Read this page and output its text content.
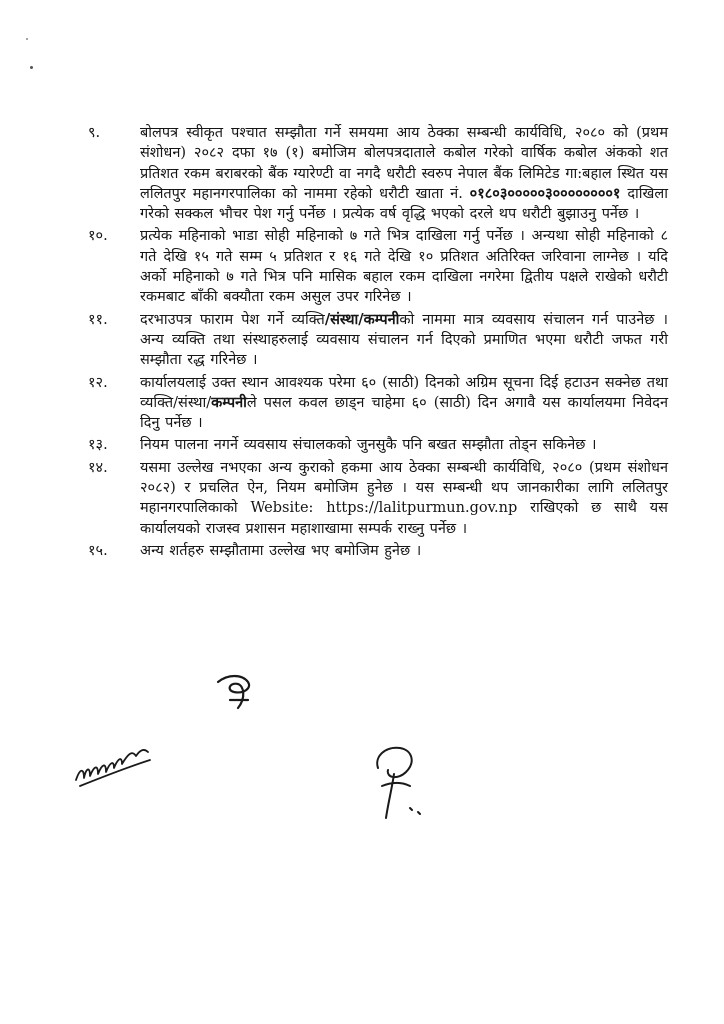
९.	बोलपत्र स्वीकृत पश्चात सम्झौता गर्ने समयमा आय ठेक्का सम्बन्धी कार्यविधि, २०८० को (प्रथम संशोधन) २०८२ दफा १७ (१) बमोजिम बोलपत्रदाताले कबोल गरेको वार्षिक कबोल अंकको शत प्रतिशत रकम बराबरको बैंक ग्यारेण्टी वा नगदै धरौटी स्वरुप नेपाल बैंक लिमिटेड गा:बहाल स्थित यस ललितपुर महानगरपालिका को नाममा रहेको धरौटी खाता नं. ०१८०३०००००३००००००००१ दाखिला गरेको सक्कल भौचर पेश गर्नु पर्नेछ । प्रत्येक वर्ष वृद्धि भएको दरले थप धरौटी बुझाउनु पर्नेछ ।
१०.	प्रत्येक महिनाको भाडा सोही महिनाको ७ गते भित्र दाखिला गर्नु पर्नेछ । अन्यथा सोही महिनाको ८ गते देखि १५ गते सम्म ५ प्रतिशत र १६ गते देखि १० प्रतिशत अतिरिक्त जरिवाना लाग्नेछ । यदि अर्को महिनाको ७ गते भित्र पनि मासिक बहाल रकम दाखिला नगरेमा द्वितीय पक्षले राखेको धरौटी रकमबाट बाँकी बक्यौता रकम असुल उपर गरिनेछ ।
११.	दरभाउपत्र फाराम पेश गर्ने व्यक्ति/संस्था/कम्पनीको नाममा मात्र व्यवसाय संचालन गर्न पाउनेछ । अन्य व्यक्ति तथा संस्थाहरुलाई व्यवसाय संचालन गर्न दिएको प्रमाणित भएमा धरौटी जफत गरी सम्झौता रद्ध गरिनेछ ।
१२.	कार्यालयलाई उक्त स्थान आवश्यक परेमा ६० (साठी) दिनको अग्रिम सूचना दिई हटाउन सक्नेछ तथा व्यक्ति/संस्था/कम्पनीले पसल कवल छाड्न चाहेमा ६० (साठी) दिन अगावै यस कार्यालयमा निवेदन दिनु पर्नेछ ।
१३.	नियम पालना नगर्ने व्यवसाय संचालकको जुनसुकै पनि बखत सम्झौता तोड्न सकिनेछ ।
१४.	यसमा उल्लेख नभएका अन्य कुराको हकमा आय ठेक्का सम्बन्धी कार्यविधि, २०८० (प्रथम संशोधन २०८२) र प्रचलित ऐन, नियम बमोजिम हुनेछ । यस सम्बन्धी थप जानकारीका लागि ललितपुर महानगरपालिकाको Website: https://lalitpurmun.gov.np राखिएको छ साथै यस कार्यालयको राजस्व प्रशासन महाशाखामा सम्पर्क राख्नु पर्नेछ ।
१५.	अन्य शर्तहरु सम्झौतामा उल्लेख भए बमोजिम हुनेछ ।
